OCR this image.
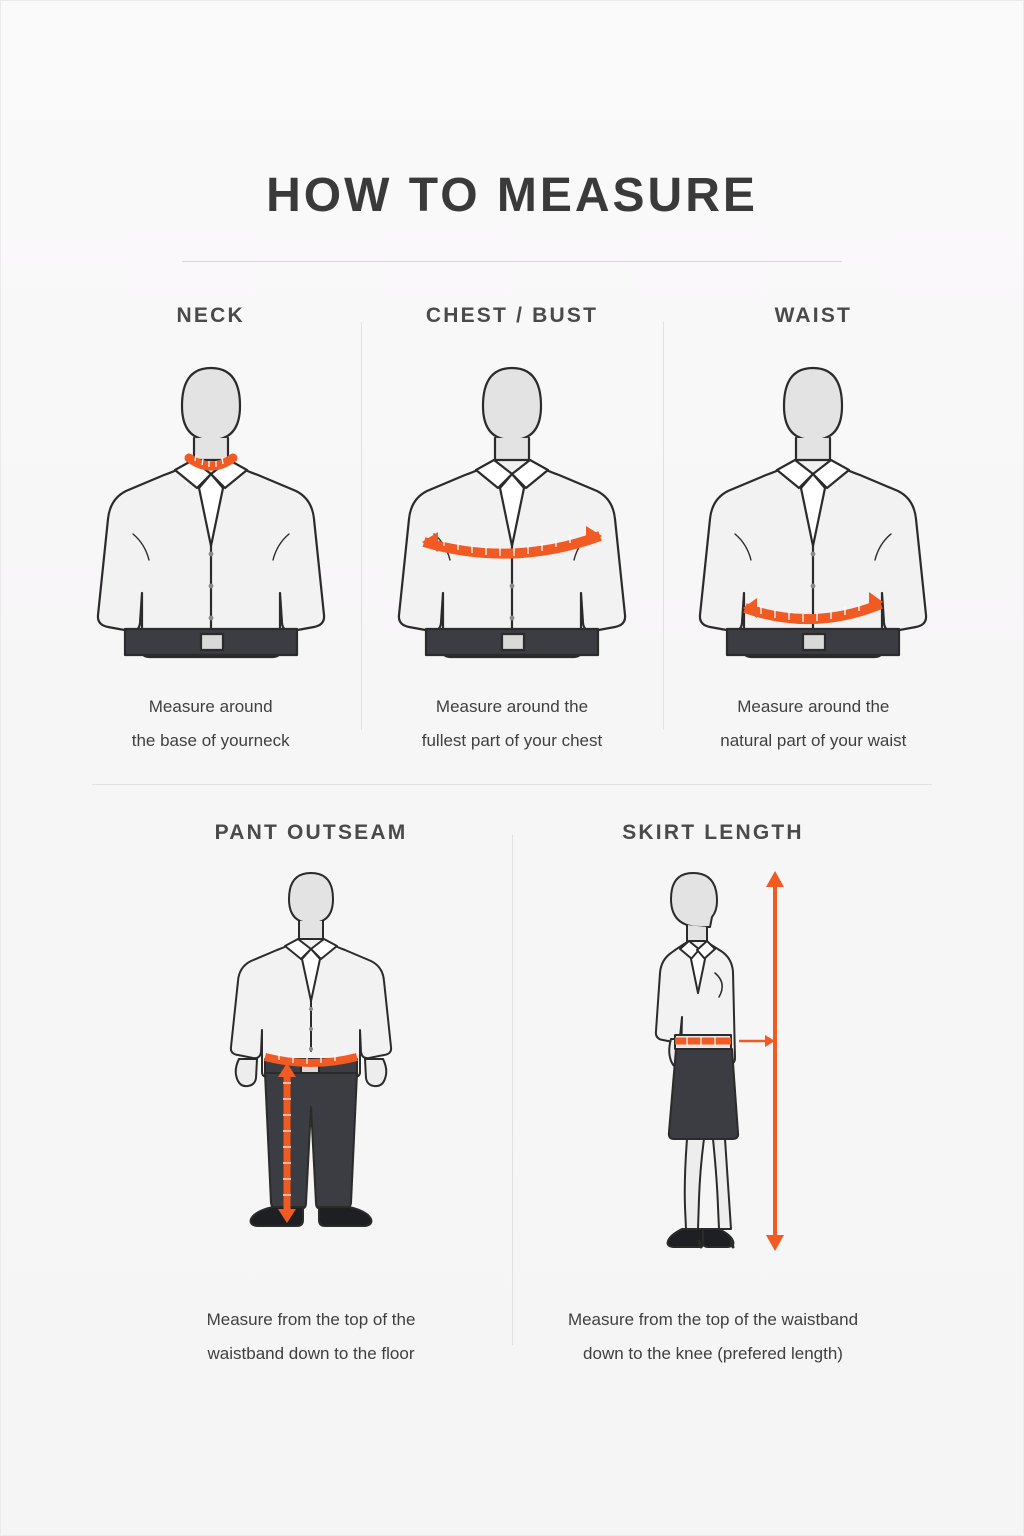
HOW TO MEASURE
NECK
Measure around
the base of yourneck
CHEST / BUST
Measure around the
fullest part of your chest
WAIST
Measure around the
natural part of your waist
PANT OUTSEAM
Measure from the top of the
waistband down to the floor
SKIRT LENGTH
Measure from the top of the waistband
down to the knee (prefered length)
